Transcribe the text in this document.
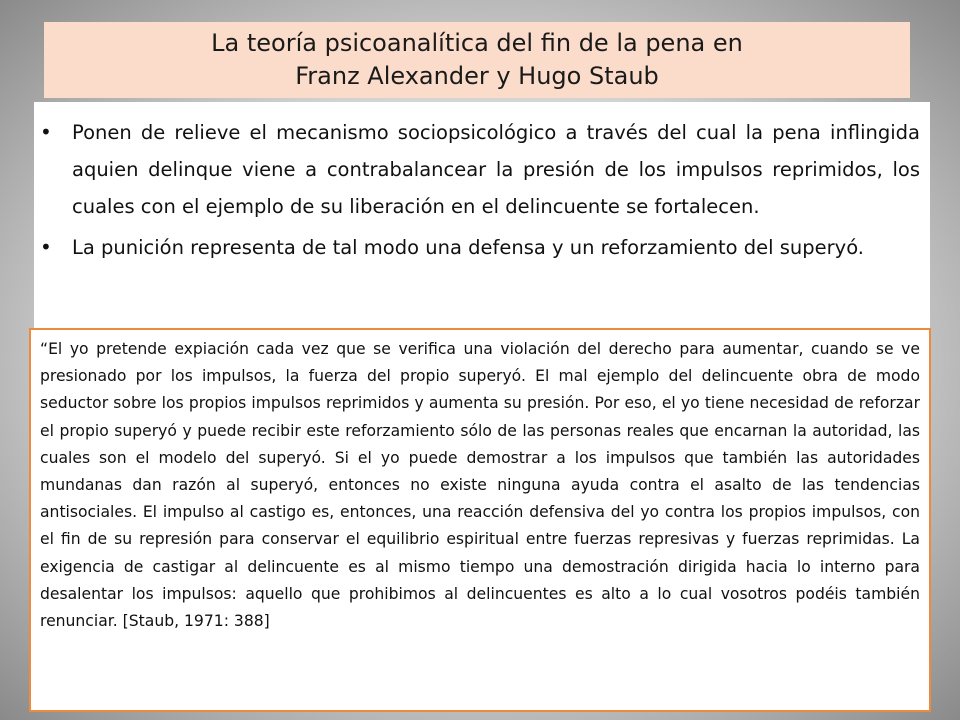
La teoría psicoanalítica del fin de la pena en
Franz Alexander y Hugo Staub
• Ponen de relieve el mecanismo sociopsicológico a través del cual la pena inflingida aquien delinque viene a contrabalancear la presión de los impulsos reprimidos, los cuales con el ejemplo de su liberación en el delincuente se fortalecen.
• La punición representa de tal modo una defensa y un reforzamiento del superyó.

“El yo pretende expiación cada vez que se verifica una violación del derecho para aumentar, cuando se ve presionado por los impulsos, la fuerza del propio superyó. El mal ejemplo del delincuente obra de modo seductor sobre los propios impulsos reprimidos y aumenta su presión. Por eso, el yo tiene necesidad de reforzar el propio superyó y puede recibir este reforzamiento sólo de las personas reales que encarnan la autoridad, las cuales son el modelo del superyó. Si el yo puede demostrar a los impulsos que también las autoridades mundanas dan razón al superyó, entonces no existe ninguna ayuda contra el asalto de las tendencias antisociales. El impulso al castigo es, entonces, una reacción defensiva del yo contra los propios impulsos, con el fin de su represión para conservar el equilibrio espiritual entre fuerzas represivas y fuerzas reprimidas. La exigencia de castigar al delincuente es al mismo tiempo una demostración dirigida hacia lo interno para desalentar los impulsos: aquello que prohibimos al delincuentes es alto a lo cual vosotros podéis también renunciar. [Staub, 1971: 388]
